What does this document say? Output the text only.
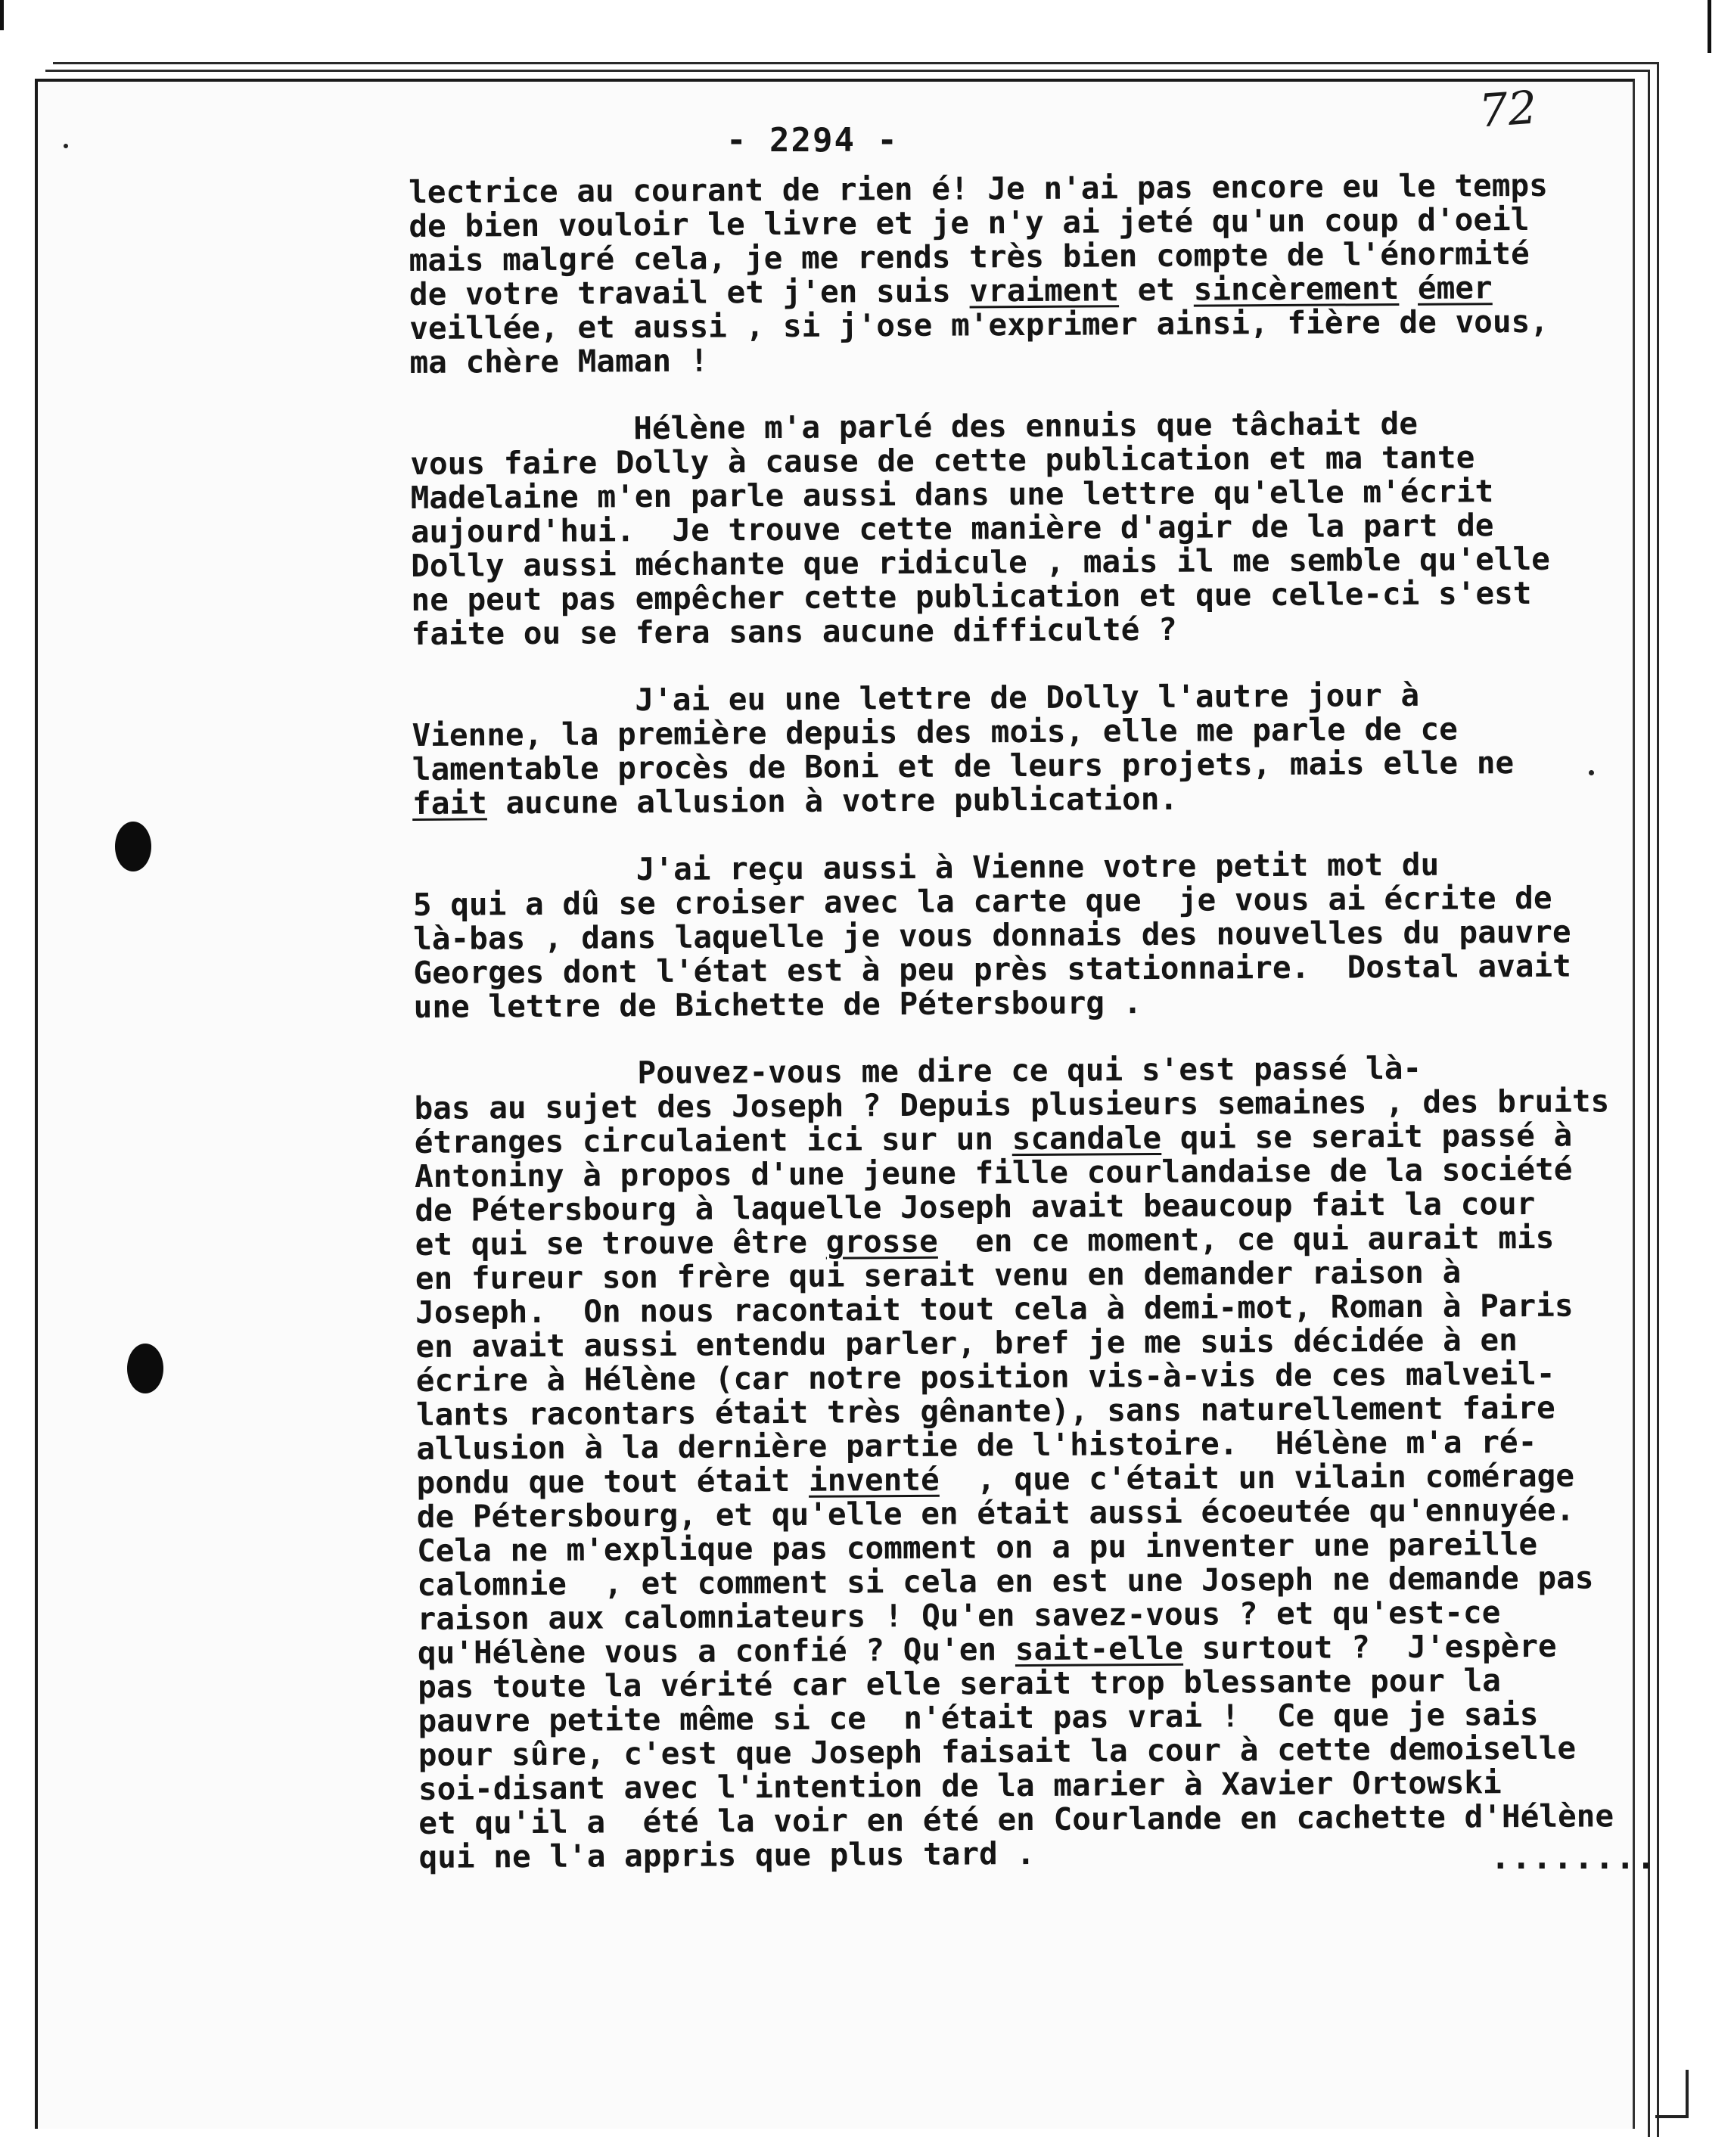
72
- 2294 -
lectrice au courant de rien é! Je n'ai pas encore eu le temps
de bien vouloir le livre et je n'y ai jeté qu'un coup d'oeil
mais malgré cela, je me rends très bien compte de l'énormité
de votre travail et j'en suis vraiment et sincèrement émer
veillée, et aussi , si j'ose m'exprimer ainsi, fière de vous,
ma chère Maman !
Hélène m'a parlé des ennuis que tâchait de
vous faire Dolly à cause de cette publication et ma tante
Madelaine m'en parle aussi dans une lettre qu'elle m'écrit
aujourd'hui.  Je trouve cette manière d'agir de la part de
Dolly aussi méchante que ridicule , mais il me semble qu'elle
ne peut pas empêcher cette publication et que celle-ci s'est
faite ou se fera sans aucune difficulté ?
J'ai eu une lettre de Dolly l'autre jour à
Vienne, la première depuis des mois, elle me parle de ce
lamentable procès de Boni et de leurs projets, mais elle ne
fait aucune allusion à votre publication.
J'ai reçu aussi à Vienne votre petit mot du
5 qui a dû se croiser avec la carte que  je vous ai écrite de
là-bas , dans laquelle je vous donnais des nouvelles du pauvre
Georges dont l'état est à peu près stationnaire.  Dostal avait
une lettre de Bichette de Pétersbourg .
Pouvez-vous me dire ce qui s'est passé là-
bas au sujet des Joseph ? Depuis plusieurs semaines , des bruits
étranges circulaient ici sur un scandale qui se serait passé à
Antoniny à propos d'une jeune fille courlandaise de la société
de Pétersbourg à laquelle Joseph avait beaucoup fait la cour
et qui se trouve être grosse  en ce moment, ce qui aurait mis
en fureur son frère qui serait venu en demander raison à
Joseph.  On nous racontait tout cela à demi-mot, Roman à Paris
en avait aussi entendu parler, bref je me suis décidée à en
écrire à Hélène (car notre position vis-à-vis de ces malveil-
lants racontars était très gênante), sans naturellement faire
allusion à la dernière partie de l'histoire.  Hélène m'a ré-
pondu que tout était inventé  , que c'était un vilain comérage
de Pétersbourg, et qu'elle en était aussi écoeutée qu'ennuyée.
Cela ne m'explique pas comment on a pu inventer une pareille
calomnie  , et comment si cela en est une Joseph ne demande pas
raison aux calomniateurs ! Qu'en savez-vous ? et qu'est-ce
qu'Hélène vous a confié ? Qu'en sait-elle surtout ?  J'espère
pas toute la vérité car elle serait trop blessante pour la
pauvre petite même si ce  n'était pas vrai !  Ce que je sais
pour sûre, c'est que Joseph faisait la cour à cette demoiselle
soi-disant avec l'intention de la marier à Xavier Ortowski
et qu'il a  été la voir en été en Courlande en cachette d'Hélène
qui ne l'a appris que plus tard .	........
